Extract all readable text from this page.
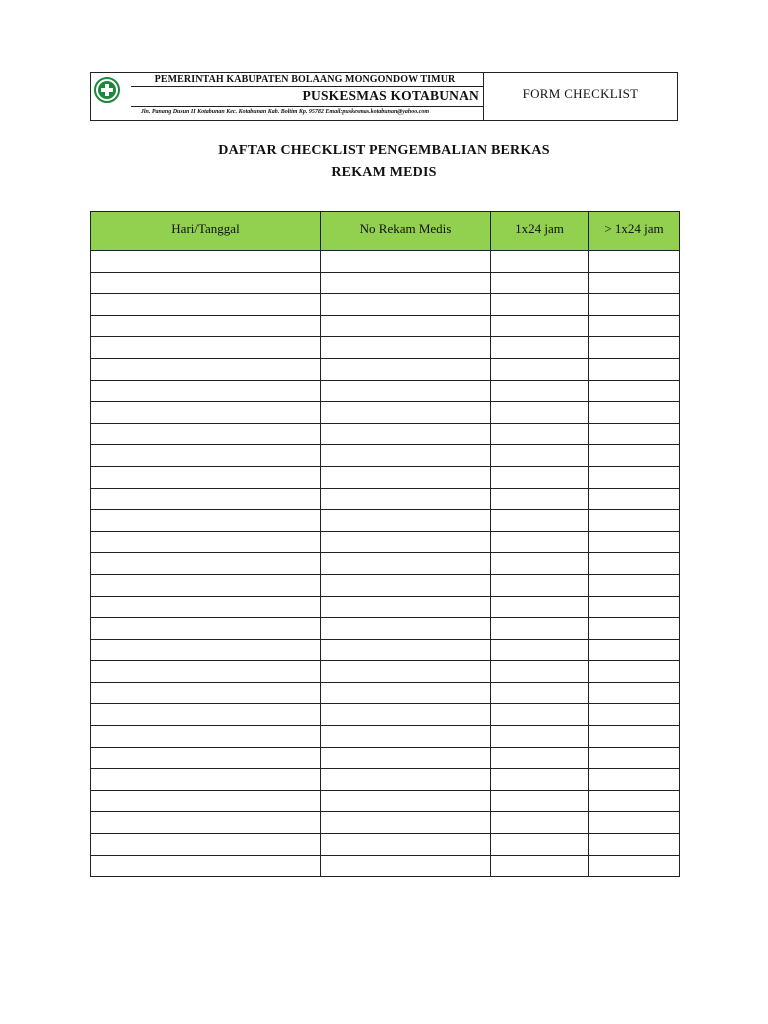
PEMERINTAH KABUPATEN BOLAANG MONGONDOW TIMUR
PUSKESMAS KOTABUNAN
Jln. Panang Dusun II Kotabunan Kec. Kotabunan Kab. Boltim Kp. 95782 Email:puskesmas.kotabunan@yahoo.com
FORM CHECKLIST
DAFTAR CHECKLIST PENGEMBALIAN BERKAS
REKAM MEDIS
Hari/Tanggal	No Rekam Medis	1x24 jam	> 1x24 jam
